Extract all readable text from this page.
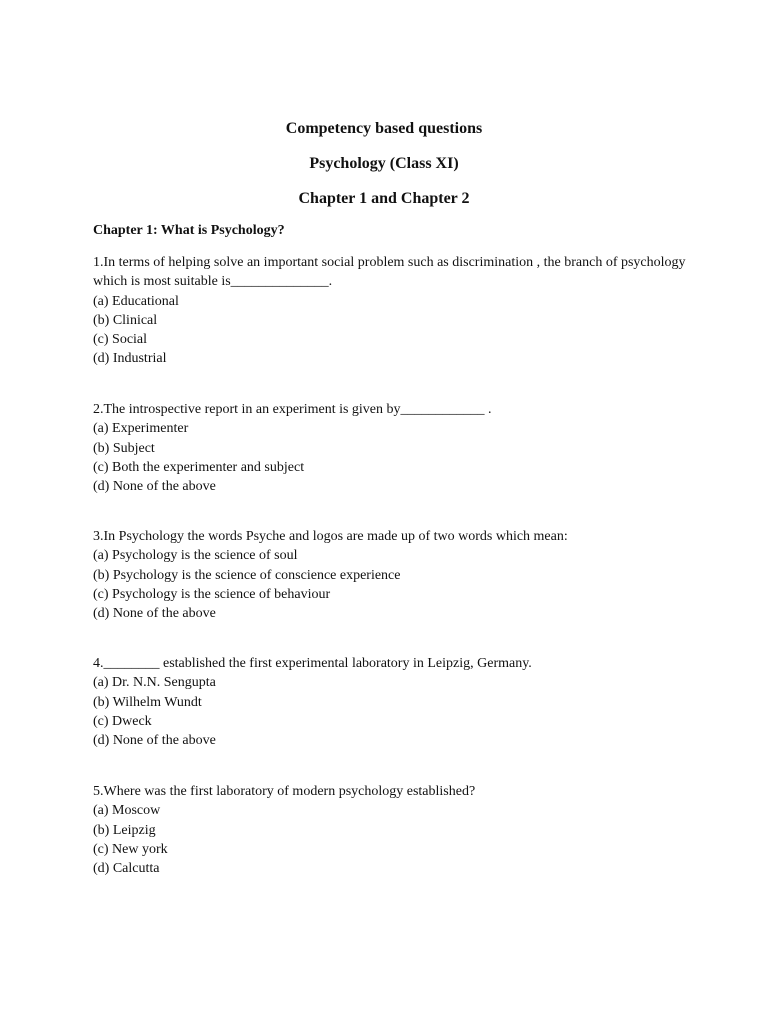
Competency based questions
Psychology (Class XI)
Chapter 1 and Chapter 2
Chapter 1: What is Psychology?
1.In terms of helping solve an important social problem such as discrimination , the branch of psychology which is most suitable is______________.
(a) Educational
(b) Clinical
(c) Social
(d) Industrial
2.The introspective report in an experiment is given by____________ .
(a) Experimenter
(b) Subject
(c) Both the experimenter and subject
(d) None of the above
3.In Psychology the words Psyche and logos are made up of two words which mean:
(a) Psychology is the science of soul
(b) Psychology is the science of conscience experience
(c) Psychology is the science of behaviour
(d) None of the above
4.________ established the first experimental laboratory in Leipzig, Germany.
(a) Dr. N.N. Sengupta
(b) Wilhelm Wundt
(c) Dweck
(d) None of the above
5.Where was the first laboratory of modern psychology established?
(a) Moscow
(b) Leipzig
(c) New york
(d) Calcutta
